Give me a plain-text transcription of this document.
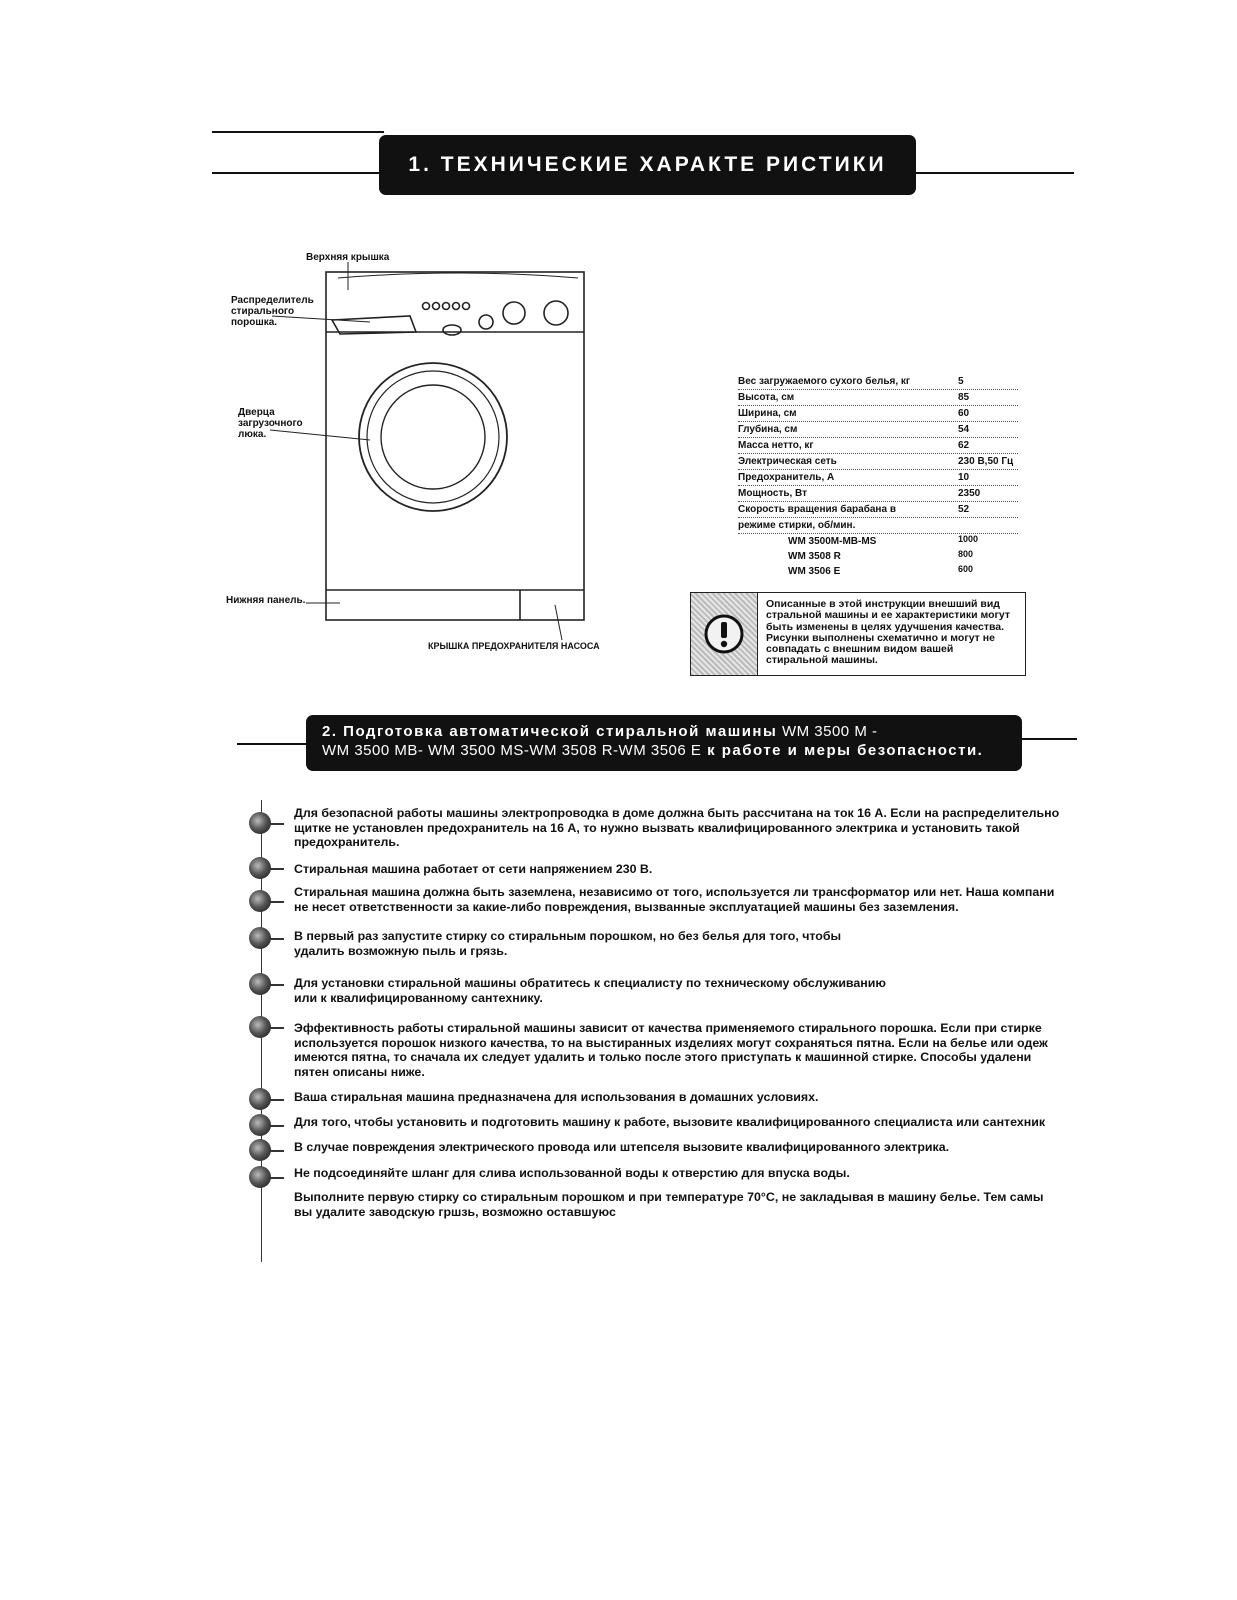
1. ТЕХНИЧЕСКИЕ ХАРАКТЕ РИСТИКИ
Верхняя крышка
Распределитель
стирального
порошка.
Дверца
загрузочного
люка.
Нижняя панель.
КРЫШКА ПРЕДОХРАНИТЕЛЯ НАСОСА
Вес загружаемого сухого белья, кг	5
Высота, см	85
Ширина, см	60
Глубина, см	54
Масса нетто, кг	62
Электрическая сеть	230 В,50 Гц
Предохранитель, А	10
Мощность, Вт	2350
Скорость вращения барабана в	52
режиме стирки, об/мин.
WM 3500M-MB-MS	1000
WM 3508 R	800
WM 3506 E	600
Описанные в этой инструкции внешший вид
стральной машины и ее характеристики могут
быть изменены в целях удучшения качества.
Рисунки выполнены схематично и могут не
совпадать с внешним видом вашей
стиральной машины.
2. Подготовка автоматической стиральной машины WM 3500 M -
WM 3500 MB- WM 3500 MS-WM 3508 R-WM 3506 E к работе и меры безопасности.
Для безопасной работы машины электропроводка в доме должна быть рассчитана на ток 16 А. Если на распределительно
щитке не установлен предохранитель на 16 А, то нужно вызвать квалифицированного электрика и установить такой
предохранитель.
Стиральная машина работает от сети напряжением 230 В.
Стиральная машина должна быть заземлена, независимо от того, используется ли трансформатор или нет. Наша компани
не несет ответственности за какие-либо повреждения, вызванные эксплуатацией машины без заземления.
В первый раз запустите стирку со стиральным порошком, но без белья для того, чтобы
удалить возможную пыль и грязь.
Для установки стиральной машины обратитесь к специалисту по техническому обслуживанию
или к квалифицированному сантехнику.
Эффективность работы стиральной машины зависит от качества применяемого стирального порошка. Если при стирке
используется порошок низкого качества, то на выстиранных изделиях могут сохраняться пятна. Если на белье или одеж
имеются пятна, то сначала их следует удалить и только после этого приступать к машинной стирке. Способы удалени
пятен описаны ниже.
Ваша стиральная машина предназначена для использования в домашних условиях.
Для того, чтобы установить и подготовить машину к работе, вызовите квалифицированного специалиста или сантехник
В случае повреждения электрического провода или штепселя вызовите квалифицированного электрика.
Не подсоединяйте шланг для слива использованной воды к отверстию для впуска воды.
Выполните первую стирку со стиральным порошком и при температуре 70°C, не закладывая в машину белье. Тем самы
вы удалите заводскую гршзь, возможно оставшуюс
